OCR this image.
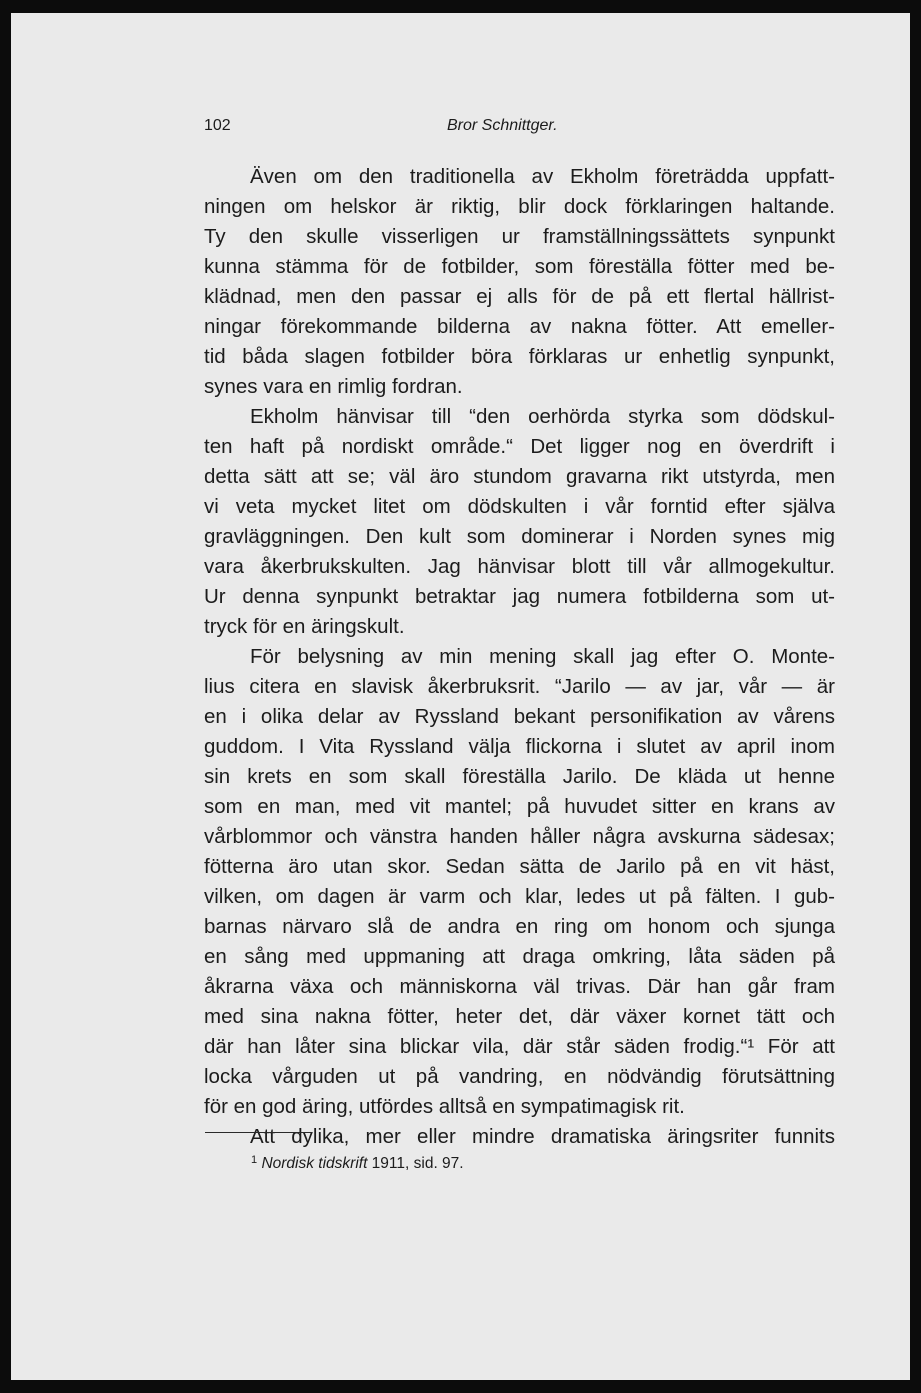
102	Bror Schnittger.
Även om den traditionella av Ekholm företrädda uppfatt-
ningen om helskor är riktig, blir dock förklaringen haltande.
Ty den skulle visserligen ur framställningssättets synpunkt
kunna stämma för de fotbilder, som föreställa fötter med be-
klädnad, men den passar ej alls för de på ett flertal hällrist-
ningar förekommande bilderna av nakna fötter. Att emeller-
tid båda slagen fotbilder böra förklaras ur enhetlig synpunkt,
synes vara en rimlig fordran.
Ekholm hänvisar till “den oerhörda styrka som dödskul-
ten haft på nordiskt område.“ Det ligger nog en överdrift i
detta sätt att se; väl äro stundom gravarna rikt utstyrda, men
vi veta mycket litet om dödskulten i vår forntid efter själva
gravläggningen. Den kult som dominerar i Norden synes mig
vara åkerbrukskulten. Jag hänvisar blott till vår allmogekultur.
Ur denna synpunkt betraktar jag numera fotbilderna som ut-
tryck för en äringskult.
För belysning av min mening skall jag efter O. Monte-
lius citera en slavisk åkerbruksrit. “Jarilo — av jar, vår — är
en i olika delar av Ryssland bekant personifikation av vårens
guddom. I Vita Ryssland välja flickorna i slutet av april inom
sin krets en som skall föreställa Jarilo. De kläda ut henne
som en man, med vit mantel; på huvudet sitter en krans av
vårblommor och vänstra handen håller några avskurna sädesax;
fötterna äro utan skor. Sedan sätta de Jarilo på en vit häst,
vilken, om dagen är varm och klar, ledes ut på fälten. I gub-
barnas närvaro slå de andra en ring om honom och sjunga
en sång med uppmaning att draga omkring, låta säden på
åkrarna växa och människorna väl trivas. Där han går fram
med sina nakna fötter, heter det, där växer kornet tätt och
där han låter sina blickar vila, där står säden frodig.“¹ För att
locka vårguden ut på vandring, en nödvändig förutsättning
för en god äring, utfördes alltså en sympatimagisk rit.
Att dylika, mer eller mindre dramatiska äringsriter funnits
$^1$ Nordisk tidskrift 1911, sid. 97.
